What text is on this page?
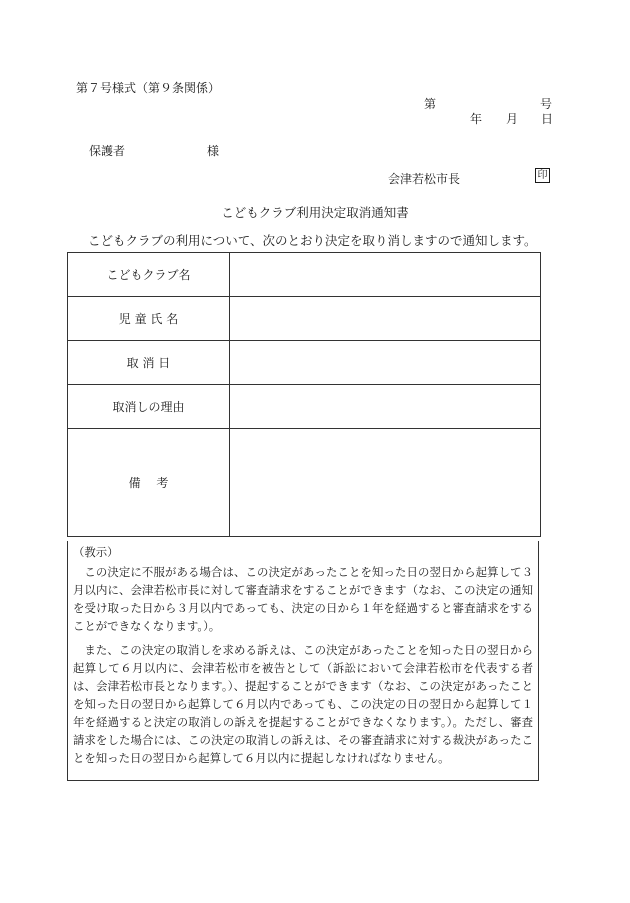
第７号様式（第９条関係）
第	号
年 月 日
保護者	様
会津若松市長	印
こどもクラブ利用決定取消通知書
こどもクラブの利用について、次のとおり決定を取り消しますので通知します。
こどもクラブ名	
児 童 氏 名	
取 消 日	
取消しの理由	
備　 考	
（教示）

この決定に不服がある場合は、この決定があったことを知った日の翌日から起算して３月以内に、会津若松市長に対して審査請求をすることができます（なお、この決定の通知を受け取った日から３月以内であっても、決定の日から１年を経過すると審査請求をすることができなくなります。）。

また、この決定の取消しを求める訴えは、この決定があったことを知った日の翌日から起算して６月以内に、会津若松市を被告として（訴訟において会津若松市を代表する者は、会津若松市長となります。）、提起することができます（なお、この決定があったことを知った日の翌日から起算して６月以内であっても、この決定の日の翌日から起算して１年を経過すると決定の取消しの訴えを提起することができなくなります。）。ただし、審査請求をした場合には、この決定の取消しの訴えは、その審査請求に対する裁決があったことを知った日の翌日から起算して６月以内に提起しなければなりません。
